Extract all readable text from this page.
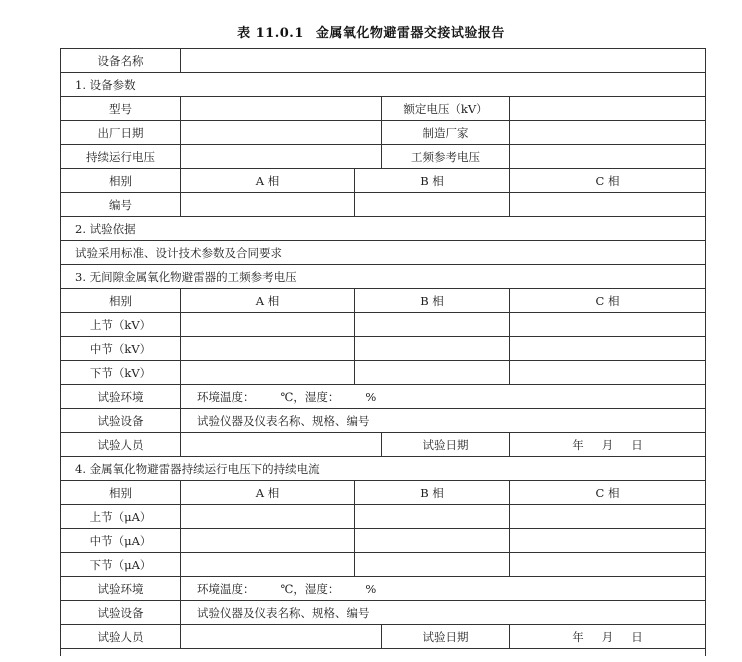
表 11.0.1 金属氧化物避雷器交接试验报告
设备名称				
1. 设备参数				
型号			额定电压（kV）	
出厂日期			制造厂家	
持续运行电压			工频参考电压	
相别	A 相	B 相		C 相
编号				
2. 试验依据				
试验采用标准、设计技术参数及合同要求				
3. 无间隙金属氧化物避雷器的工频参考电压				
相别	A 相	B 相		C 相
上节（kV）				
中节（kV）				
下节（kV）				
试验环境	环境温度： ℃，湿度： %			
试验设备	试验仪器及仪表名称、规格、编号			
试验人员			试验日期	年 月 日
4. 金属氧化物避雷器持续运行电压下的持续电流				
相别	A 相	B 相		C 相
上节（μA）				
中节（μA）				
下节（μA）				
试验环境	环境温度： ℃，湿度： %			
试验设备	试验仪器及仪表名称、规格、编号			
试验人员			试验日期	年 月 日
